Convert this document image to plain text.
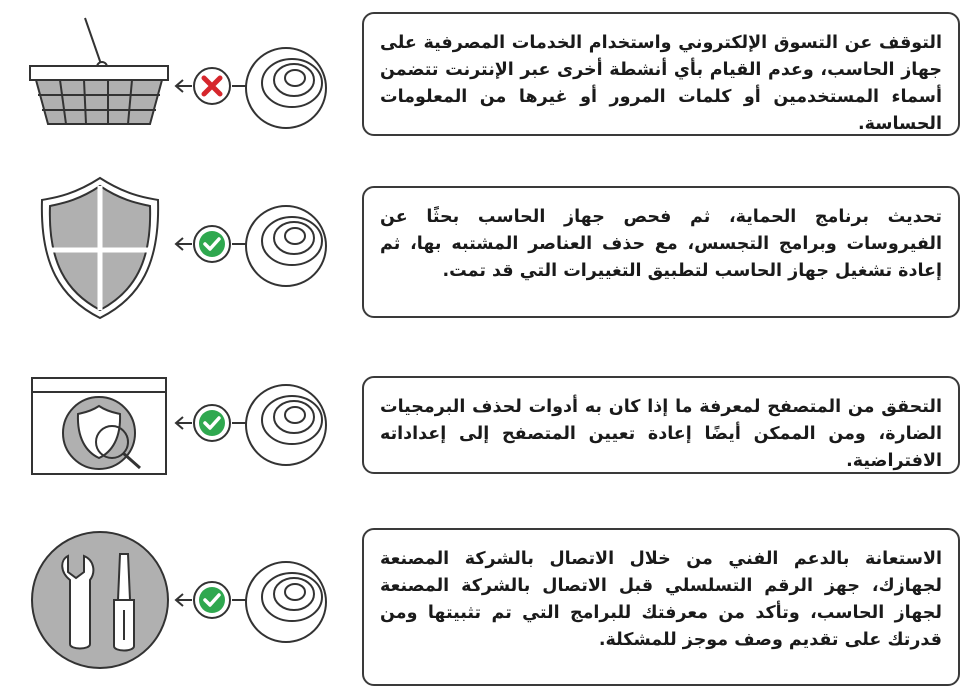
التوقف عن التسوق الإلكتروني واستخدام الخدمات المصرفية على جهاز الحاسب، وعدم القيام بأي أنشطة أخرى عبر الإنترنت تتضمن أسماء المستخدمين أو كلمات المرور أو غيرها من المعلومات الحساسة.

تحديث برنامج الحماية، ثم فحص جهاز الحاسب بحثًا عن الفيروسات وبرامج التجسس، مع حذف العناصر المشتبه بها، ثم إعادة تشغيل جهاز الحاسب لتطبيق التغييرات التي قد تمت.

التحقق من المتصفح لمعرفة ما إذا كان به أدوات لحذف البرمجيات الضارة، ومن الممكن أيضًا إعادة تعيين المتصفح إلى إعداداته الافتراضية.

الاستعانة بالدعم الفني من خلال الاتصال بالشركة المصنعة لجهازك، جهز الرقم التسلسلي قبل الاتصال بالشركة المصنعة لجهاز الحاسب، وتأكد من معرفتك للبرامج التي تم تثبيتها ومن قدرتك على تقديم وصف موجز للمشكلة.
